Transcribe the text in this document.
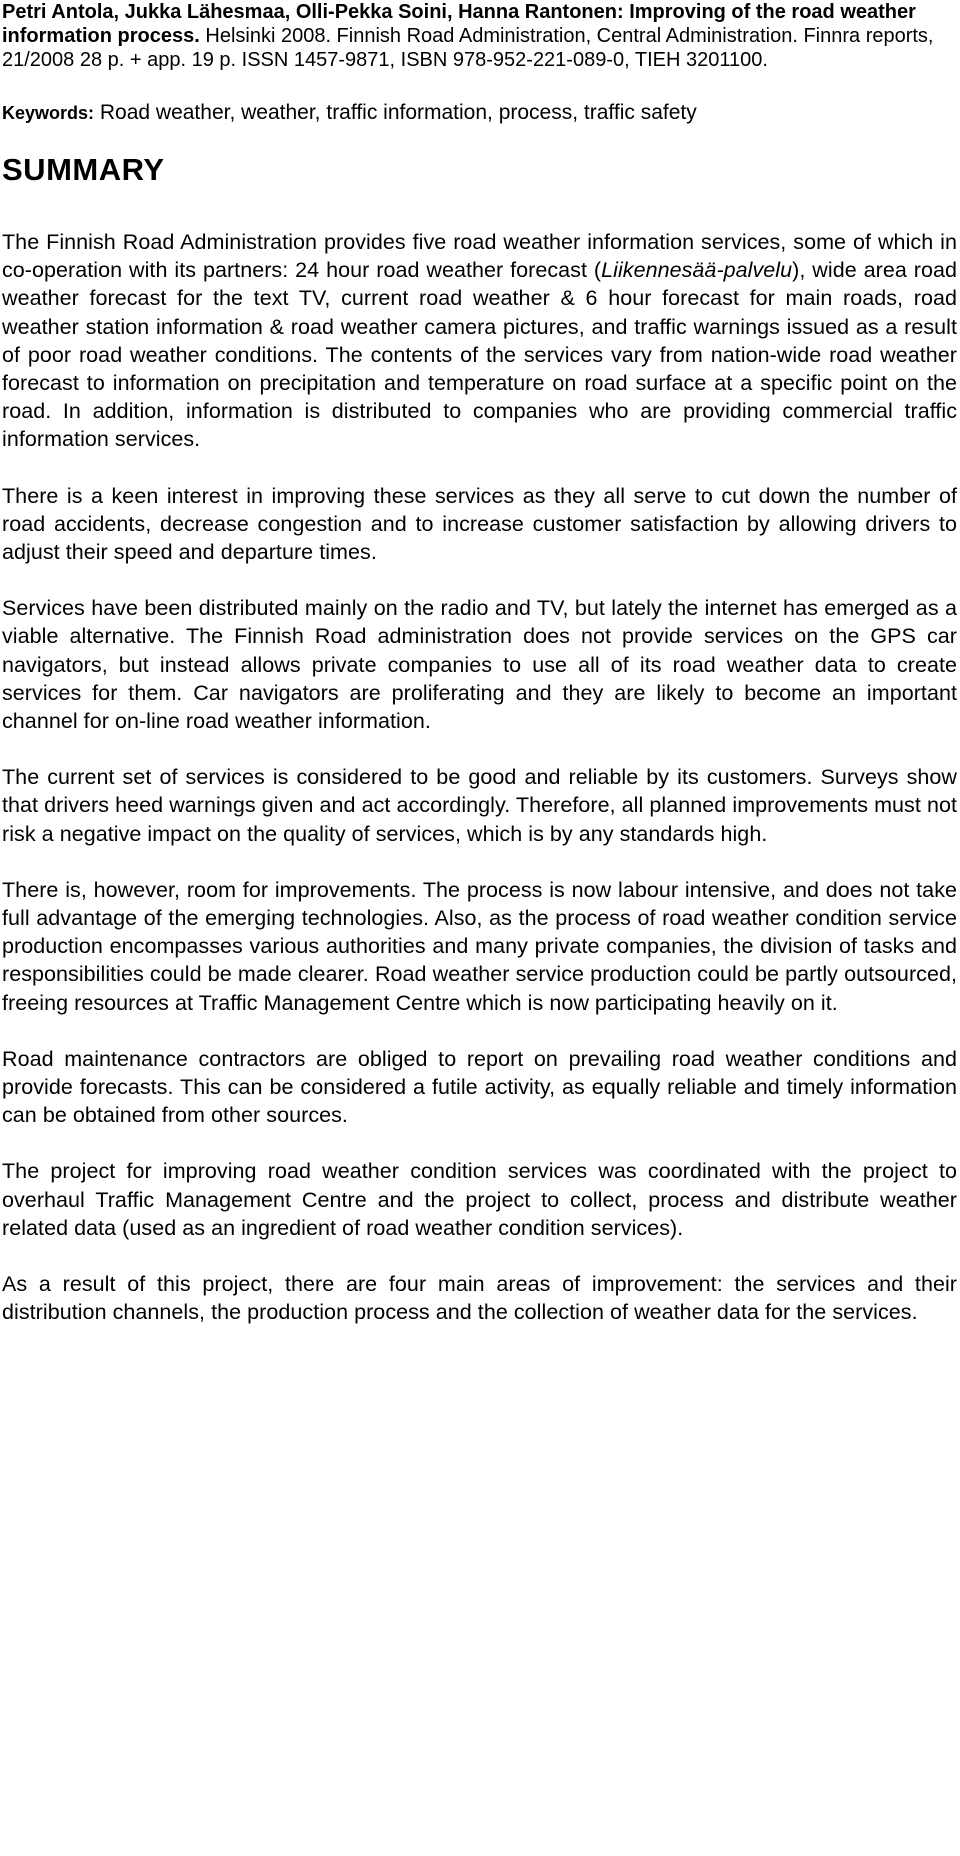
Petri Antola, Jukka Lähesmaa, Olli-Pekka Soini, Hanna Rantonen: Improving of the road weather information process. Helsinki 2008. Finnish Road Administration, Central Administration. Finnra reports, 21/2008 28 p. + app. 19 p. ISSN 1457-9871, ISBN 978-952-221-089-0, TIEH 3201100.

Keywords: Road weather, weather, traffic information, process, traffic safety

SUMMARY

The Finnish Road Administration provides five road weather information services, some of which in co-operation with its partners: 24 hour road weather forecast (Liikennesää-palvelu), wide area road weather forecast for the text TV, current road weather & 6 hour forecast for main roads, road weather station information & road weather camera pictures, and traffic warnings issued as a result of poor road weather conditions. The contents of the services vary from nation-wide road weather forecast to information on precipitation and temperature on road surface at a specific point on the road. In addition, information is distributed to companies who are providing commercial traffic information services.

There is a keen interest in improving these services as they all serve to cut down the number of road accidents, decrease congestion and to increase customer satisfaction by allowing drivers to adjust their speed and departure times.

Services have been distributed mainly on the radio and TV, but lately the internet has emerged as a viable alternative. The Finnish Road administration does not provide services on the GPS car navigators, but instead allows private companies to use all of its road weather data to create services for them. Car navigators are proliferating and they are likely to become an important channel for on-line road weather information.

The current set of services is considered to be good and reliable by its customers. Surveys show that drivers heed warnings given and act accordingly. Therefore, all planned improvements must not risk a negative impact on the quality of services, which is by any standards high.

There is, however, room for improvements. The process is now labour intensive, and does not take full advantage of the emerging technologies. Also, as the process of road weather condition service production encompasses various authorities and many private companies, the division of tasks and responsibilities could be made clearer. Road weather service production could be partly outsourced, freeing resources at Traffic Management Centre which is now participating heavily on it.

Road maintenance contractors are obliged to report on prevailing road weather conditions and provide forecasts. This can be considered a futile activity, as equally reliable and timely information can be obtained from other sources.

The project for improving road weather condition services was coordinated with the project to overhaul Traffic Management Centre and the project to collect, process and distribute weather related data (used as an ingredient of road weather condition services).

As a result of this project, there are four main areas of improvement: the services and their distribution channels, the production process and the collection of weather data for the services.
